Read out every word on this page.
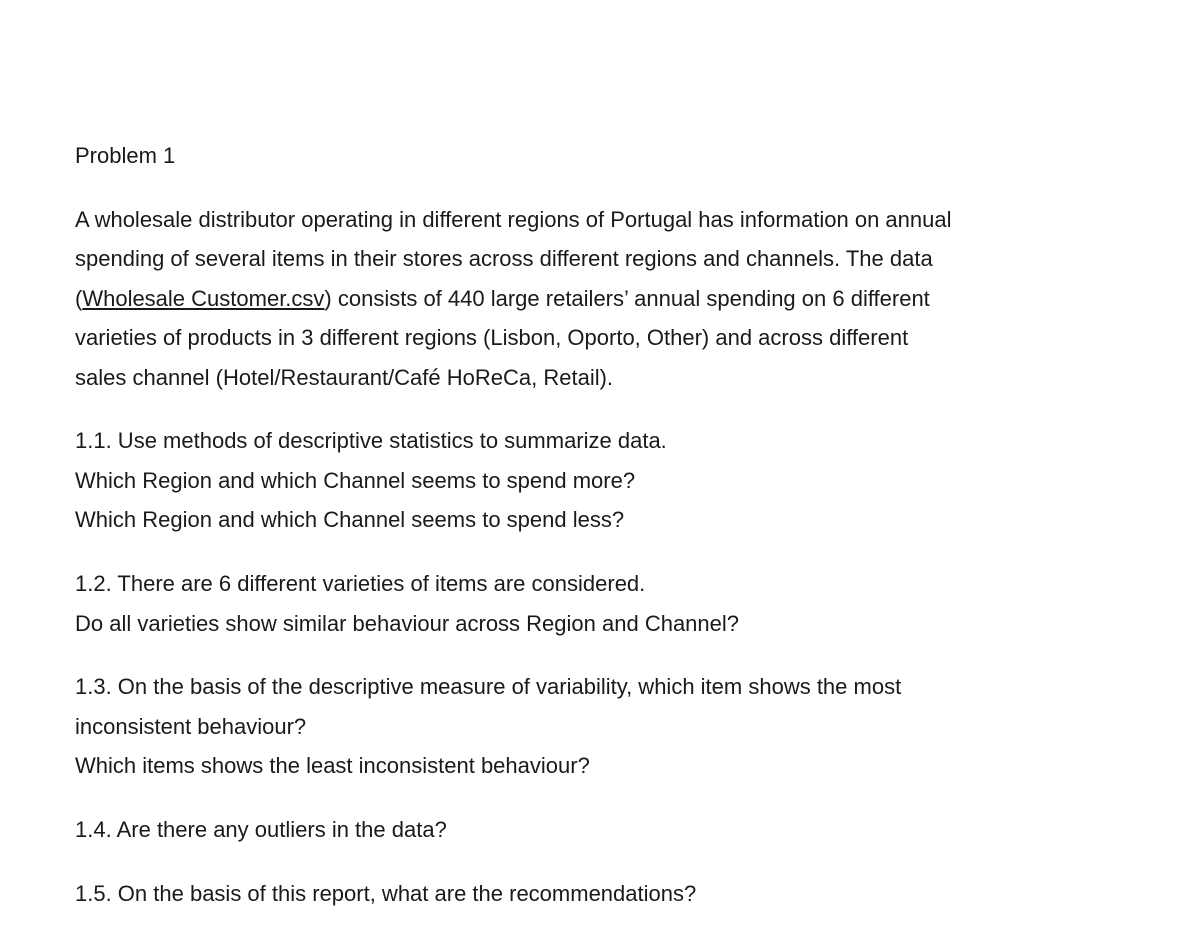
Problem 1
A wholesale distributor operating in different regions of Portugal has information on annual
spending of several items in their stores across different regions and channels. The data
(Wholesale Customer.csv) consists of 440 large retailers’ annual spending on 6 different
varieties of products in 3 different regions (Lisbon, Oporto, Other) and across different
sales channel (Hotel/Restaurant/Café HoReCa, Retail).
1.1. Use methods of descriptive statistics to summarize data.
Which Region and which Channel seems to spend more?
Which Region and which Channel seems to spend less?
1.2. There are 6 different varieties of items are considered.
Do all varieties show similar behaviour across Region and Channel?
1.3. On the basis of the descriptive measure of variability, which item shows the most
inconsistent behaviour?
Which items shows the least inconsistent behaviour?
1.4. Are there any outliers in the data?
1.5. On the basis of this report, what are the recommendations?
